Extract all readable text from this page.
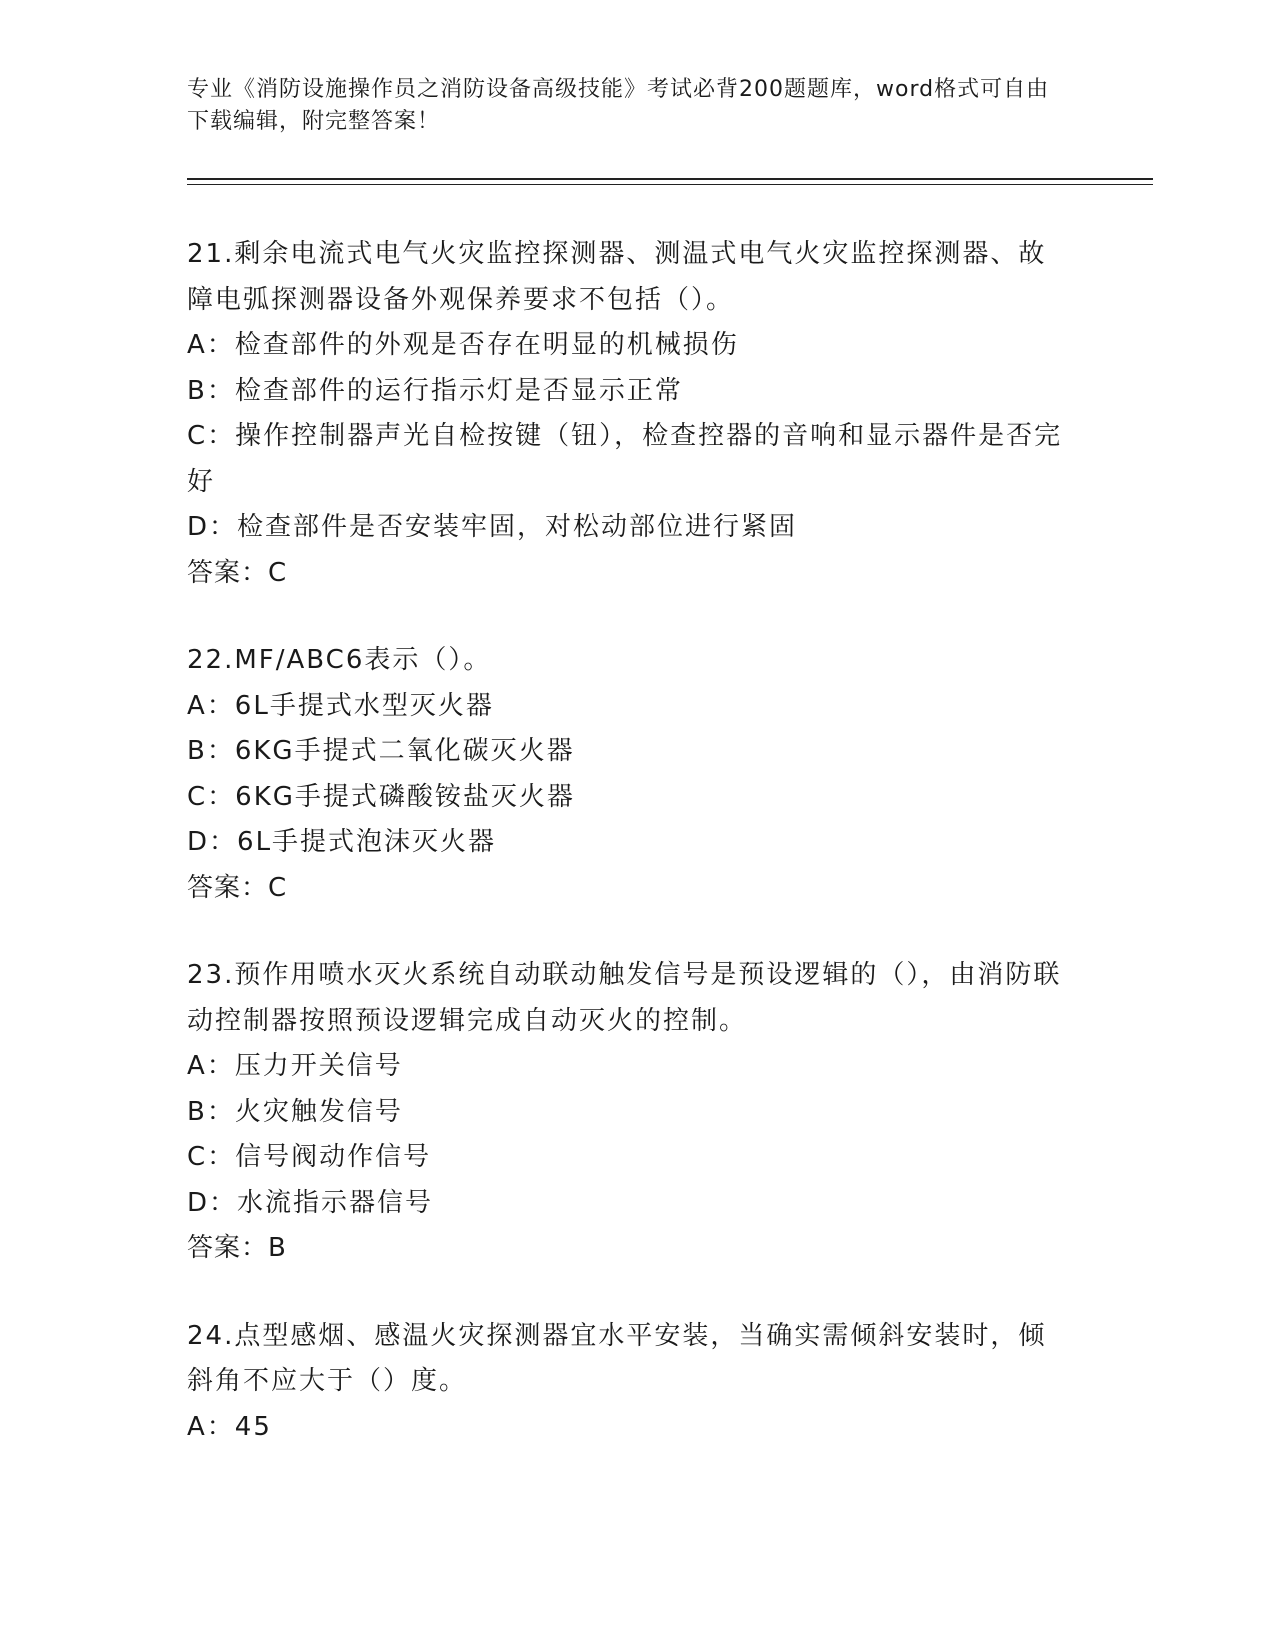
专业《消防设施操作员之消防设备高级技能》考试必背200题题库，word格式可自由下载编辑，附完整答案！

21.剩余电流式电气火灾监控探测器、测温式电气火灾监控探测器、故障电弧探测器设备外观保养要求不包括（）。

A：检查部件的外观是否存在明显的机械损伤

B：检查部件的运行指示灯是否显示正常

C：操作控制器声光自检按键（钮），检查控器的音响和显示器件是否完好

D：检查部件是否安装牢固，对松动部位进行紧固

答案：C

22.MF/ABC6表示（）。

A：6L手提式水型灭火器

B：6KG手提式二氧化碳灭火器

C：6KG手提式磷酸铵盐灭火器

D：6L手提式泡沫灭火器

答案：C

23.预作用喷水灭火系统自动联动触发信号是预设逻辑的（），由消防联动控制器按照预设逻辑完成自动灭火的控制。

A：压力开关信号

B：火灾触发信号

C：信号阀动作信号

D：水流指示器信号

答案：B

24.点型感烟、感温火灾探测器宜水平安装，当确实需倾斜安装时，倾斜角不应大于（）度。

A：45
